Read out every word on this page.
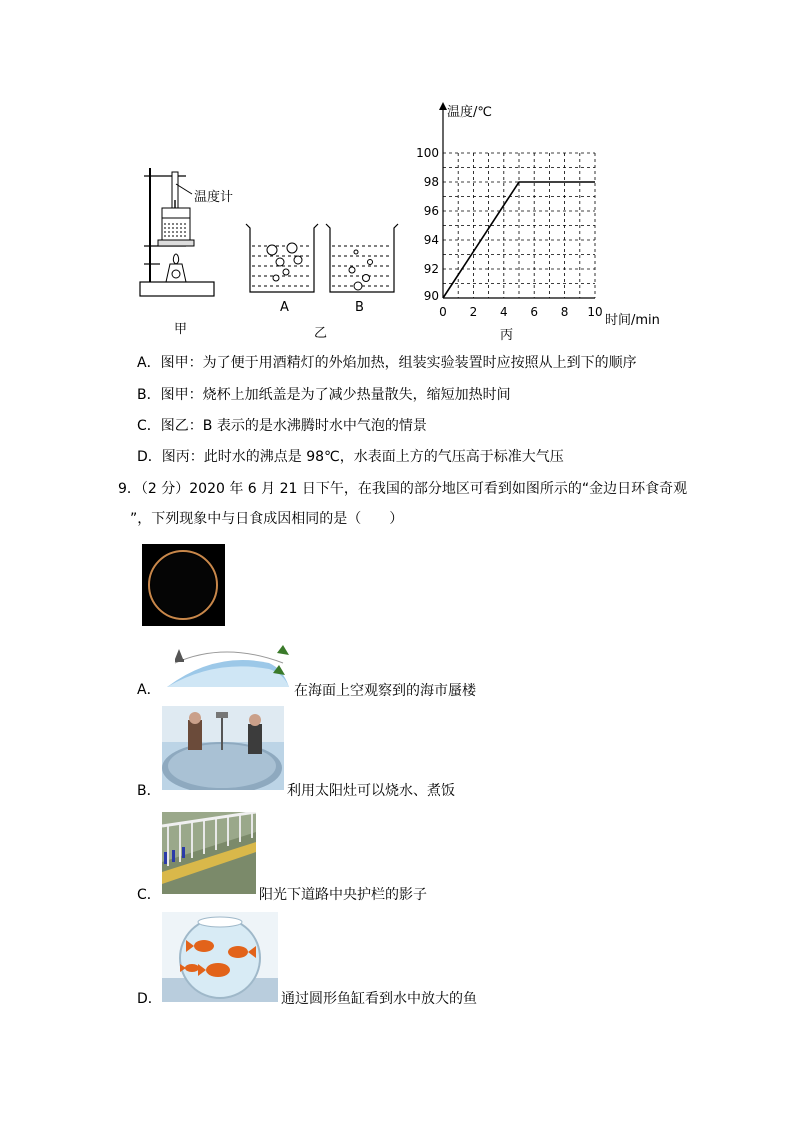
温度计
甲
A	B
乙
0 2 4 6 8 10
90
92
94
96
98
100
温度/℃
时间/min
丙
A．图甲：为了便于用酒精灯的外焰加热，组装实验装置时应按照从上到下的顺序
B．图甲：烧杯上加纸盖是为了减少热量散失，缩短加热时间
C．图乙：B 表示的是水沸腾时水中气泡的情景
D．图丙：此时水的沸点是 98℃，水表面上方的气压高于标准大气压
9．（2 分）2020 年 6 月 21 日下午，在我国的部分地区可看到如图所示的“金边日环食奇观
”，下列现象中与日食成因相同的是（　　）
A．	在海面上空观察到的海市蜃楼
B．	利用太阳灶可以烧水、煮饭
C．	阳光下道路中央护栏的影子
D．	通过圆形鱼缸看到水中放大的鱼
